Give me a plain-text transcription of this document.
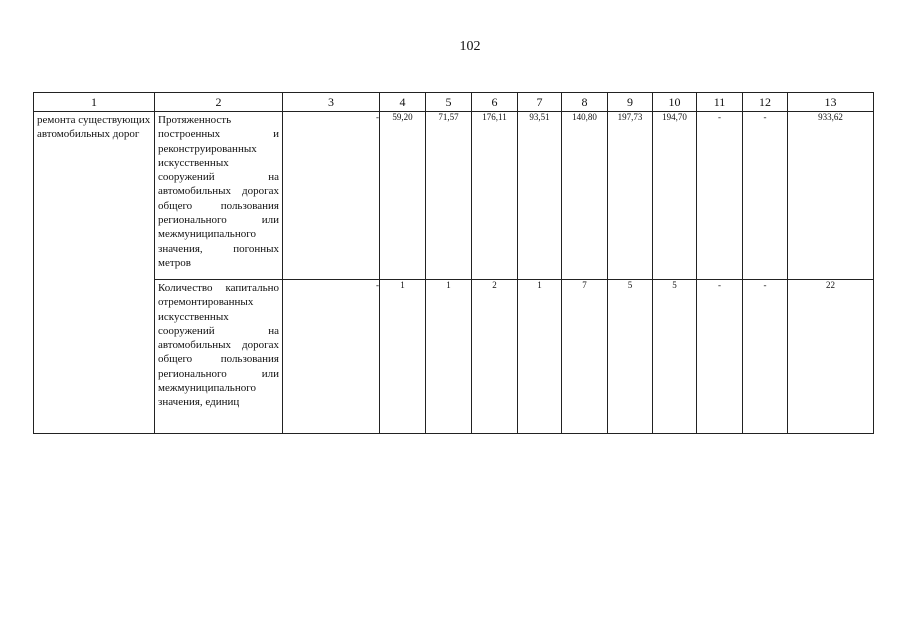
102
1	2	3	4	5	6	7	8	9	10	11	12	13

ремонта существующих автомобильных дорог	Протяженность построенных и реконструированных искусственных сооружений на автомобильных дорогах общего пользования регионального или межмуниципального значения, погонных метров	-	59,20	71,57	176,11	93,51	140,80	197,73	194,70	-	-	933,62

	Количество капитально отремонтированных искусственных сооружений на автомобильных дорогах общего пользования регионального или межмуниципального значения, единиц	-	1	1	2	1	7	5	5	-	-	22
